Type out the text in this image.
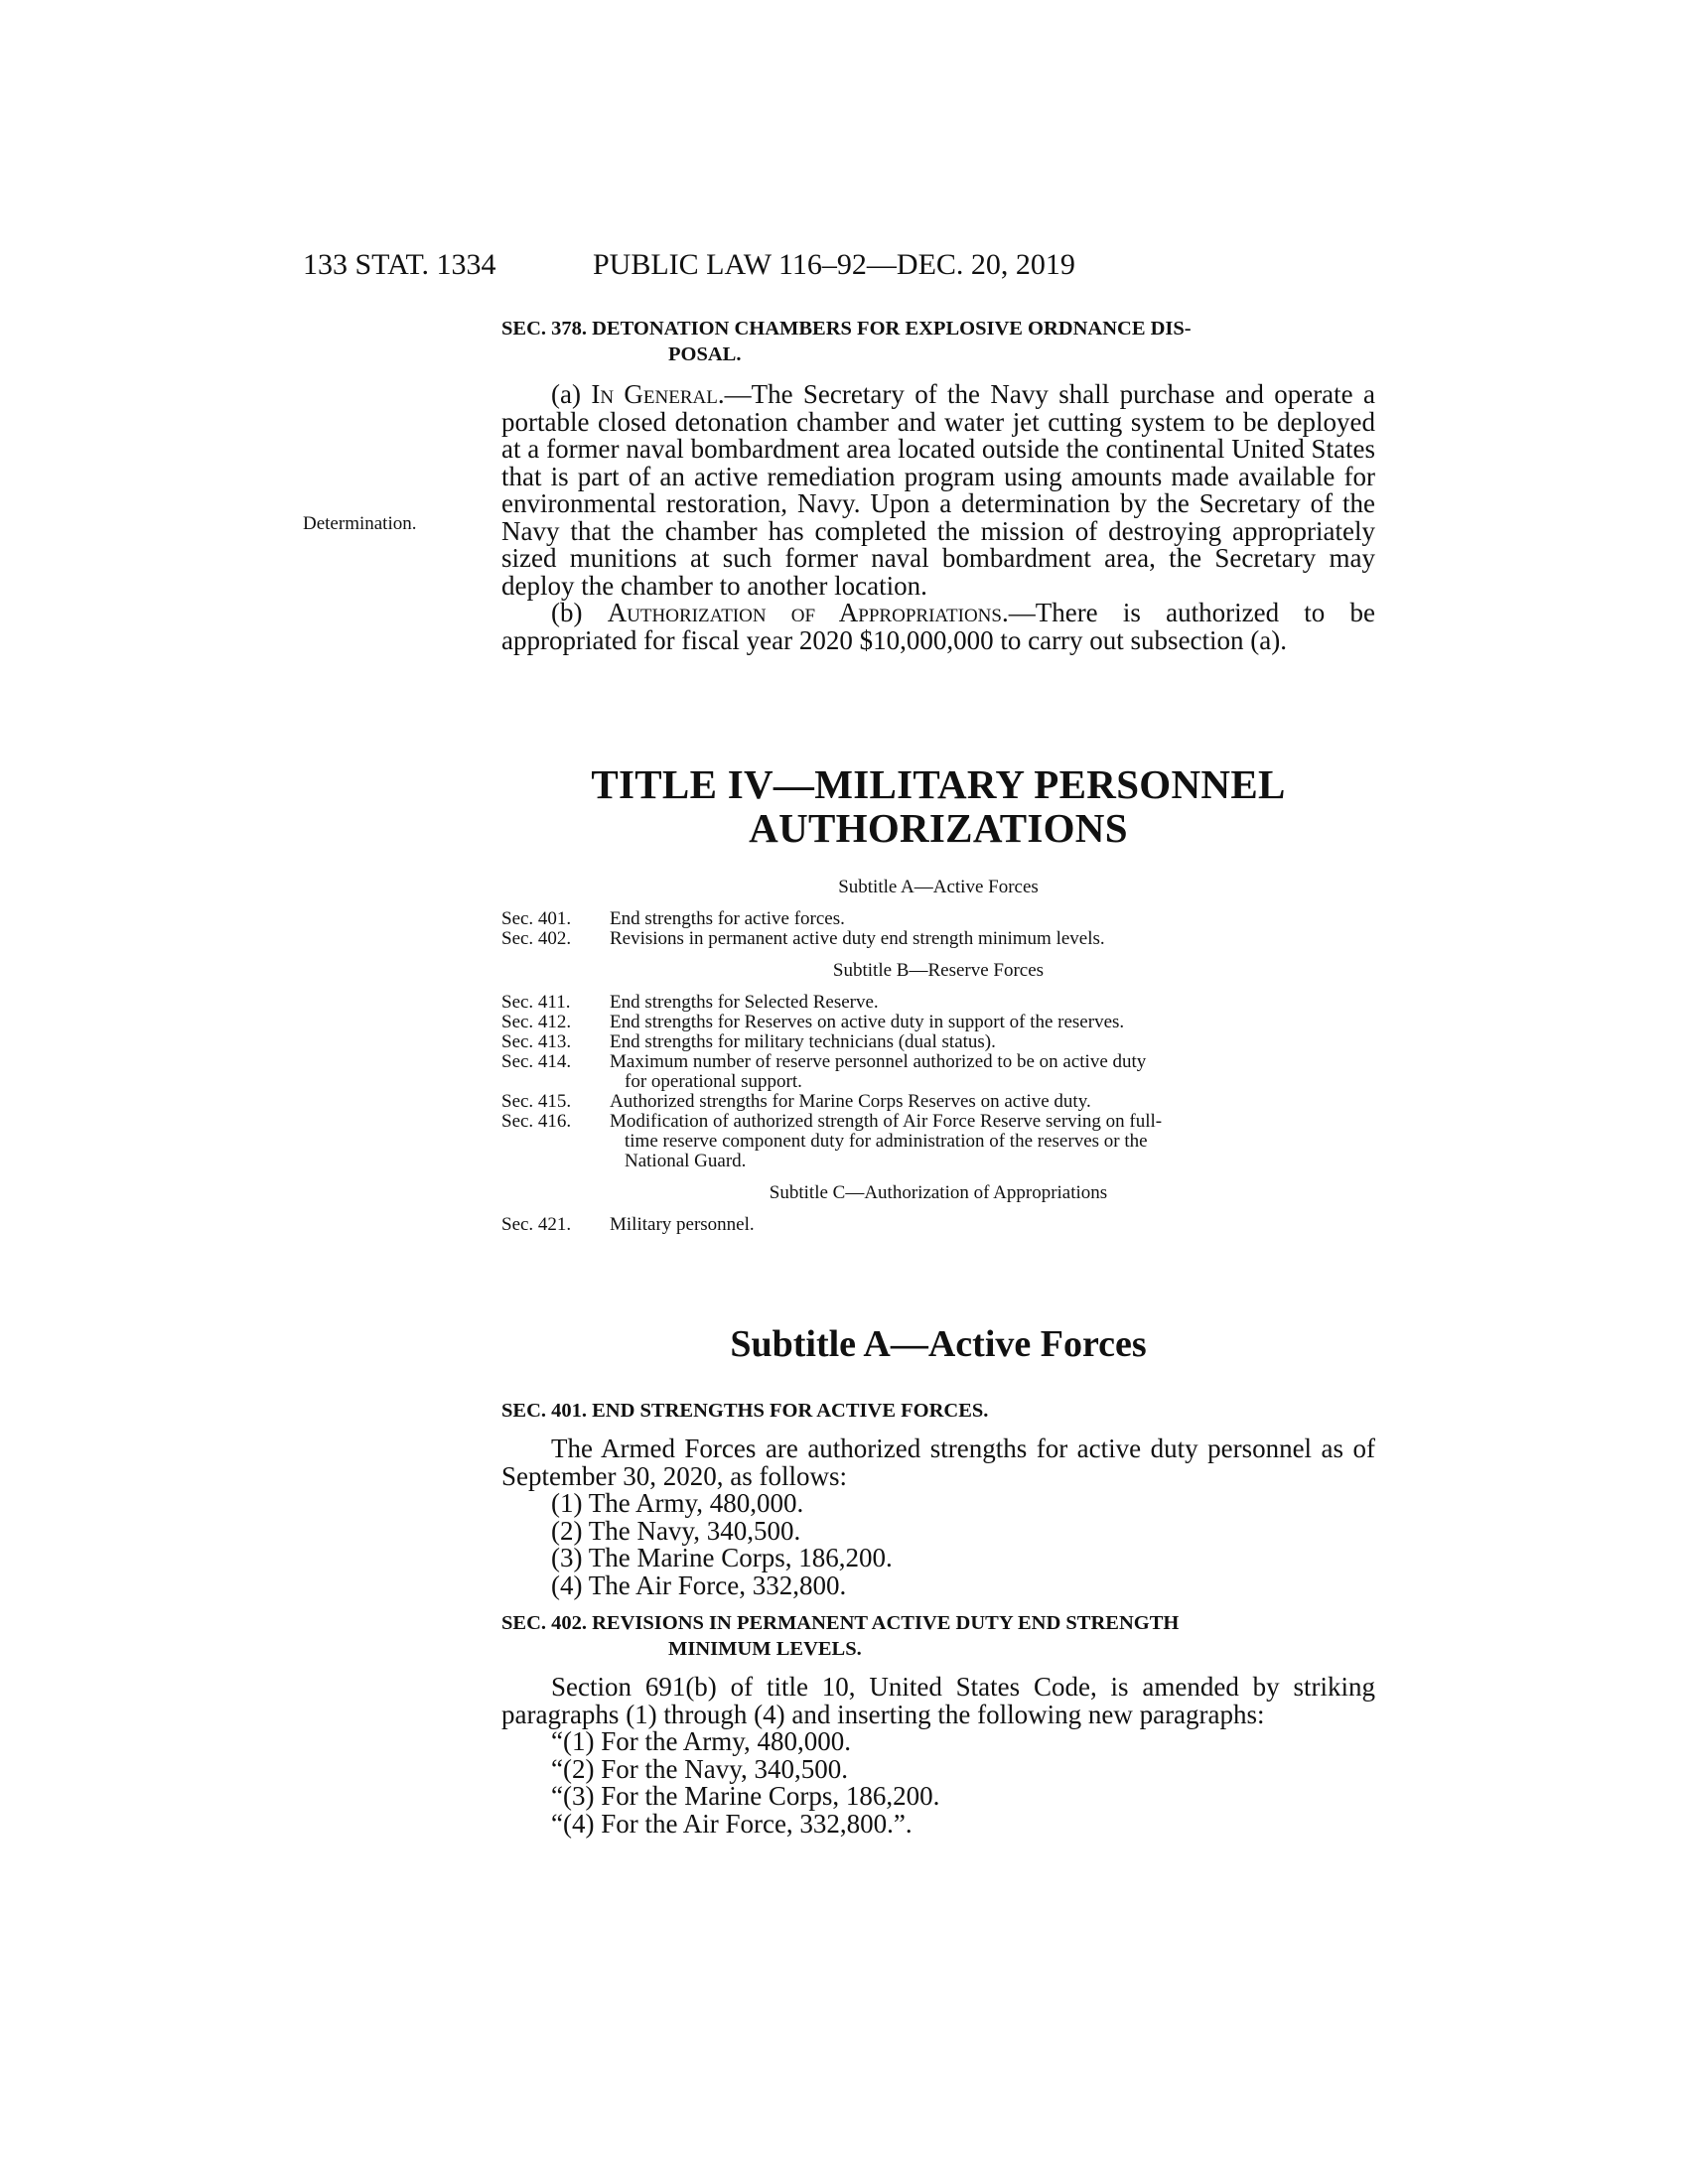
133 STAT. 1334	PUBLIC LAW 116–92—DEC. 20, 2019
Determination.
SEC. 378. DETONATION CHAMBERS FOR EXPLOSIVE ORDNANCE DIS-
POSAL.
(a) In General.—The Secretary of the Navy shall purchase and operate a portable closed detonation chamber and water jet cutting system to be deployed at a former naval bombardment area located outside the continental United States that is part of an active remediation program using amounts made available for environmental restoration, Navy. Upon a determination by the Secretary of the Navy that the chamber has completed the mission of destroying appropriately sized munitions at such former naval bombardment area, the Secretary may deploy the chamber to another location.
(b) Authorization of Appropriations.—There is authorized to be appropriated for fiscal year 2020 $10,000,000 to carry out subsection (a).
TITLE IV—MILITARY PERSONNEL
AUTHORIZATIONS

Subtitle A—Active Forces

Sec. 401.	End strengths for active forces.
Sec. 402.	Revisions in permanent active duty end strength minimum levels.

Subtitle B—Reserve Forces

Sec. 411.	End strengths for Selected Reserve.
Sec. 412.	End strengths for Reserves on active duty in support of the reserves.
Sec. 413.	End strengths for military technicians (dual status).
Sec. 414.	Maximum number of reserve personnel authorized to be on active duty
for operational support.
Sec. 415.	Authorized strengths for Marine Corps Reserves on active duty.
Sec. 416.	Modification of authorized strength of Air Force Reserve serving on full-
time reserve component duty for administration of the reserves or the
National Guard.

Subtitle C—Authorization of Appropriations

Sec. 421.	Military personnel.
Subtitle A—Active Forces
SEC. 401. END STRENGTHS FOR ACTIVE FORCES.
The Armed Forces are authorized strengths for active duty personnel as of September 30, 2020, as follows:
(1) The Army, 480,000.
(2) The Navy, 340,500.
(3) The Marine Corps, 186,200.
(4) The Air Force, 332,800.
SEC. 402. REVISIONS IN PERMANENT ACTIVE DUTY END STRENGTH
MINIMUM LEVELS.
Section 691(b) of title 10, United States Code, is amended by striking paragraphs (1) through (4) and inserting the following new paragraphs:
“(1) For the Army, 480,000.
“(2) For the Navy, 340,500.
“(3) For the Marine Corps, 186,200.
“(4) For the Air Force, 332,800.”.
